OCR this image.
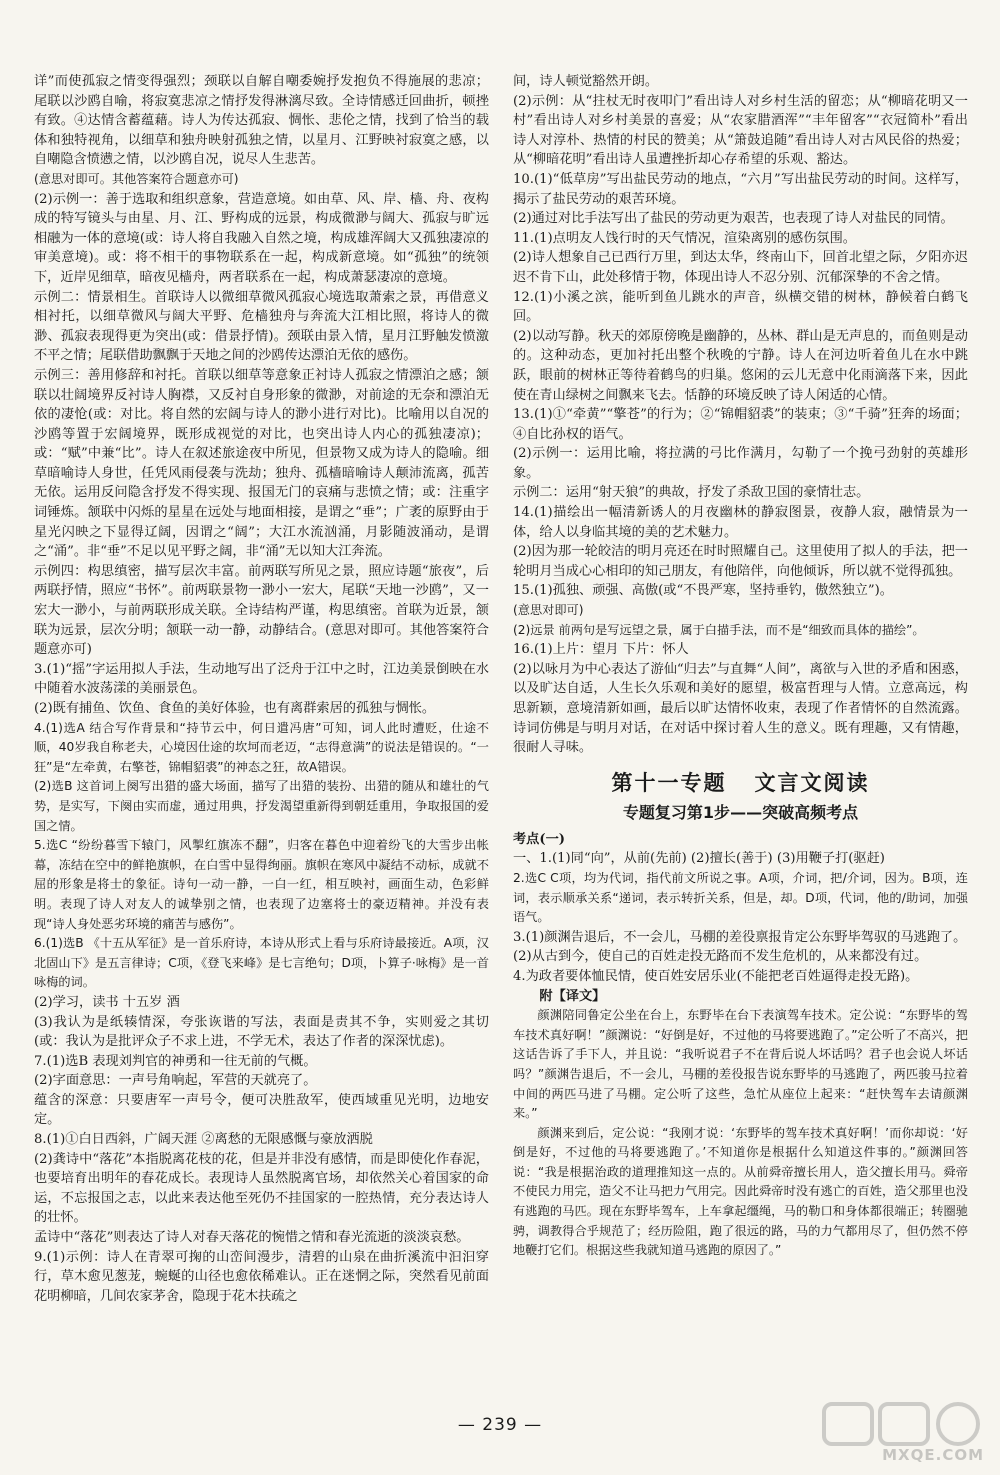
详”而使孤寂之情变得强烈；颈联以自解自嘲委婉抒发抱负不得施展的悲凉；尾联以沙鸥自喻，将寂寞悲凉之情抒发得淋漓尽致。全诗情感迁回曲折，顿挫有致。④达情含蓄蕴藉。诗人为传达孤寂、惆怅、悲伦之情，找到了恰当的载体和独特视角，以细草和独舟映射孤独之情，以星月、江野映衬寂寞之感，以自嘲隐含愤懑之情，以沙鸥自况，说尽人生悲苦。

(意思对即可。其他答案符合题意亦可)

(2)示例一：善于选取和组织意象，营造意境。如由草、风、岸、樯、舟、夜构成的特写镜头与由星、月、江、野构成的远景，构成微渺与阔大、孤寂与旷远相融为一体的意境(或：诗人将自我融入自然之境，构成雄浑阔大又孤独凄凉的审美意境)。或：将不相干的事物联系在一起，构成新意境。如“孤独”的统领下，近岸见细草，暗夜见樯舟，两者联系在一起，构成萧瑟凄凉的意境。

示例二：情景相生。首联诗人以微细草微风孤寂心境选取萧索之景，再借意义相衬托，以细草微风与阔大平野、危樯独舟与奔流大江相比照，将诗人的微渺、孤寂表现得更为突出(或：借景抒情)。颈联由景入情，星月江野触发愤激不平之情；尾联借助飘飘于天地之间的沙鸥传达漂泊无依的感伤。

示例三：善用修辞和衬托。首联以细草等意象正衬诗人孤寂之情漂泊之感；颔联以壮阔境界反衬诗人胸襟，又反衬自身形象的微渺，对前途的无奈和漂泊无依的凄怆(或：对比。将自然的宏阔与诗人的渺小进行对比)。比喻用以自况的沙鸥等置于宏阔境界，既形成视觉的对比，也突出诗人内心的孤独凄凉)；或：“赋”中兼“比”。诗人在叙述旅途夜中所见，但景物又成为诗人的隐喻。细草暗喻诗人身世，任凭风雨侵袭与洗劫；独舟、孤樯暗喻诗人颠沛流离，孤苦无依。运用反问隐含抒发不得实现、报国无门的哀痛与悲愤之情；或：注重字词锤炼。颔联中闪烁的星星在远处与地面相接，是谓之“垂”；广袤的原野由于星光闪映之下显得辽阔，因谓之“阔”；大江水流汹涌，月影随波涌动，是谓之“涌”。非“垂”不足以见平野之阔，非“涌”无以知大江奔流。

示例四：构思缜密，描写层次丰富。前两联写所见之景，照应诗题“旅夜”，后两联抒情，照应“书怀”。前两联景物一渺小一宏大，尾联“天地一沙鸥”，又一宏大一渺小，与前两联形成关联。全诗结构严谨，构思缜密。首联为近景，颔联为远景，层次分明；颔联一动一静，动静结合。(意思对即可。其他答案符合题意亦可)

3.(1)“摇”字运用拟人手法，生动地写出了泛舟于江中之时，江边美景倒映在水中随着水波荡漾的美丽景色。

(2)既有捕鱼、饮鱼、食鱼的美好体验，也有离群索居的孤独与惆怅。

4.(1)选A 结合写作背景和“持节云中，何日遣冯唐”可知，词人此时遭贬，仕途不顺，40岁我自称老夫，心境因仕途的坎坷而老迈，“志得意满”的说法是错误的。“一狂”是“左牵黄，右擎苍，锦帽貂裘”的神态之狂，故A错误。

(2)选B 这首词上阕写出猎的盛大场面，描写了出猎的装扮、出猎的随从和雄壮的气势，是实写，下阕由实而虚，通过用典，抒发渴望重新得到朝廷重用，争取报国的爱国之情。

5.选C “纷纷暮雪下辕门，风掣红旗冻不翻”，归客在暮色中迎着纷飞的大雪步出帐幕，冻结在空中的鲜艳旗帜，在白雪中显得绚丽。旗帜在寒风中凝结不动标，成就不屈的形象是将士的象征。诗句一动一静，一白一红，相互映衬，画面生动，色彩鲜明。表现了诗人对友人的诚挚别之情，也表现了边塞将士的豪迈精神。并没有表现“诗人身处恶劣环境的痛苦与感伤”。

6.(1)选B 《十五从军征》是一首乐府诗，本诗从形式上看与乐府诗最接近。A项，汉北固山下》是五言律诗；C项，《登飞来峰》是七言绝句；D项，卜算子·咏梅》是一首咏梅的词。

(2)学习，读书 十五岁 酒

(3)我认为是纸辏情深，夸张诙谐的写法，表面是责其不争，实则爱之其切(或：我认为是批评众子不求上进，不学无术，表达了作者的深深忧虑)。

7.(1)选B 表现刘判官的神勇和一往无前的气概。

(2)字面意思：一声号角响起，军营的天就亮了。

蕴含的深意：只要唐军一声号令，便可决胜敌军，使西域重见光明，边地安定。

8.(1)①白日西斜，广阔天涯 ②离愁的无限感慨与豪放洒脱

(2)龚诗中“落花”本指脱离花枝的花，但是并非没有感情，而是即使化作春泥，也要培育出明年的春花成长。表现诗人虽然脱离官场，却依然关心着国家的命运，不忘报国之志，以此来表达他至死仍不挂国家的一腔热情，充分表达诗人的壮怀。

孟诗中“落花”则表达了诗人对春天落花的惋惜之情和春光流逝的淡淡哀愁。

9.(1)示例：诗人在青翠可掬的山峦间漫步，清碧的山泉在曲折溪流中汩汩穿行，草木愈见葱茏，蜿蜒的山径也愈依稀难认。正在迷惘之际，突然看见前面花明柳暗，几间农家茅舍，隐现于花木扶疏之

间，诗人顿觉豁然开朗。

(2)示例：从“拄杖无时夜叩门”看出诗人对乡村生活的留恋；从“柳暗花明又一村”看出诗人对乡村美景的喜爱；从“农家腊酒浑”“丰年留客”“衣冠简朴”看出诗人对淳朴、热情的村民的赞美；从“箫鼓追随”看出诗人对古风民俗的热爱；从“柳暗花明”看出诗人虽遭挫折却心存希望的乐观、豁达。

10.(1)“低草房”写出盐民劳动的地点，“六月”写出盐民劳动的时间。这样写，揭示了盐民劳动的艰苦环境。

(2)通过对比手法写出了盐民的劳动更为艰苦，也表现了诗人对盐民的同情。

11.(1)点明友人饯行时的天气情况，渲染离别的感伤氛围。

(2)诗人想象自己已西行万里，到达太华，终南山下，回首北望之际，夕阳亦迟迟不肯下山，此处移情于物，体现出诗人不忍分别、沉郁深挚的不舍之情。

12.(1)小溪之滨，能听到鱼儿跳水的声音，纵横交错的树林，静候着白鹤飞回。

(2)以动写静。秋天的郊原傍晚是幽静的，丛林、群山是无声息的，而鱼则是动的。这种动态，更加衬托出整个秋晚的宁静。诗人在河边听着鱼儿在水中跳跃，眼前的树林正等待着鹤鸟的归巢。悠闲的云儿无意中化雨滴落下来，因此使在青山绿树之间飘来飞去。恬静的环境反映了诗人闲适的心情。

13.(1)①“牵黄”“擎苍”的行为；②“锦帽貂裘”的装束；③“千骑”狂奔的场面；④自比孙权的语气。

(2)示例一：运用比喻，将拉满的弓比作满月，勾勒了一个挽弓劲射的英雄形象。

示例二：运用“射天狼”的典故，抒发了杀敌卫国的豪情壮志。

14.(1)描绘出一幅清新诱人的月夜幽林的静寂图景，夜静人寂，融情景为一体，给人以身临其境的美的艺术魅力。

(2)因为那一轮皎洁的明月亮还在时时照耀自己。这里使用了拟人的手法，把一轮明月当成心心相印的知己朋友，有他陪伴，向他倾诉，所以就不觉得孤独。

15.(1)孤独、顽强、高傲(或“不畏严寒，坚持垂钓，傲然独立”)。

(意思对即可)

(2)远景 前两句是写远望之景，属于白描手法，而不是“细致而具体的描绘”。

16.(1)上片：望月 下片：怀人

(2)以咏月为中心表达了游仙“归去”与直舞“人间”，离欲与入世的矛盾和困惑，以及旷达自适，人生长久乐观和美好的愿望，极富哲理与人情。立意高远，构思新颖，意境清新如画，最后以旷达情怀收束，表现了作者情怀的自然流露。诗词仿佛是与明月对话，在对话中探讨着人生的意义。既有理趣，又有情趣，很耐人寻味。

第十一专题 文言文阅读
专题复习第1步——突破高频考点

考点(一)

一、1.(1)同“向”，从前(先前) (2)擅长(善于) (3)用鞭子打(驱赶)

2.选C C项，均为代词，指代前文所说之事。A项，介词，把/介词，因为。B项，连词，表示顺承关系“递词，表示转折关系，但是，却。D项，代词，他的/助词，加强语气。

3.(1)颜渊告退后，不一会儿，马棚的差役禀报肯定公东野毕驾驭的马逃跑了。

(2)从古到今，使自己的百姓走投无路而不发生危机的，从来都没有过。

4.为政者要体恤民情，使百姓安居乐业(不能把老百姓逼得走投无路)。

附【译文】

颜渊陪同鲁定公坐在台上，东野毕在台下表演驾车技术。定公说：“东野毕的驾车技术真好啊！”颜渊说：“好倒是好，不过他的马将要逃跑了。”定公听了不高兴，把这话告诉了手下人，并且说：“我听说君子不在背后说人坏话吗？君子也会说人坏话吗？”颜渊告退后，不一会儿，马棚的差役报告说东野毕的马逃跑了，两匹骏马拉着中间的两匹马进了马棚。定公听了这些，急忙从座位上起来：“赶快驾车去请颜渊来。”

颜渊来到后，定公说：“我刚才说：‘东野毕的驾车技术真好啊！’而你却说：‘好倒是好，不过他的马将要逃跑了。’不知道你是根据什么知道这件事的。”颜渊回答说：“我是根据治政的道理推知这一点的。从前舜帝擅长用人，造父擅长用马。舜帝不使民力用完，造父不让马把力气用完。因此舜帝时没有逃亡的百姓，造父那里也没有逃跑的马匹。现在东野毕驾车，上车拿起缰绳，马的勒口和身体都很端正；转圈驰骋，调教得合乎规范了；经历险阻，跑了很远的路，马的力气都用尽了，但仍然不停地鞭打它们。根据这些我就知道马逃跑的原因了。”

— 239 —
MXQE.COM
